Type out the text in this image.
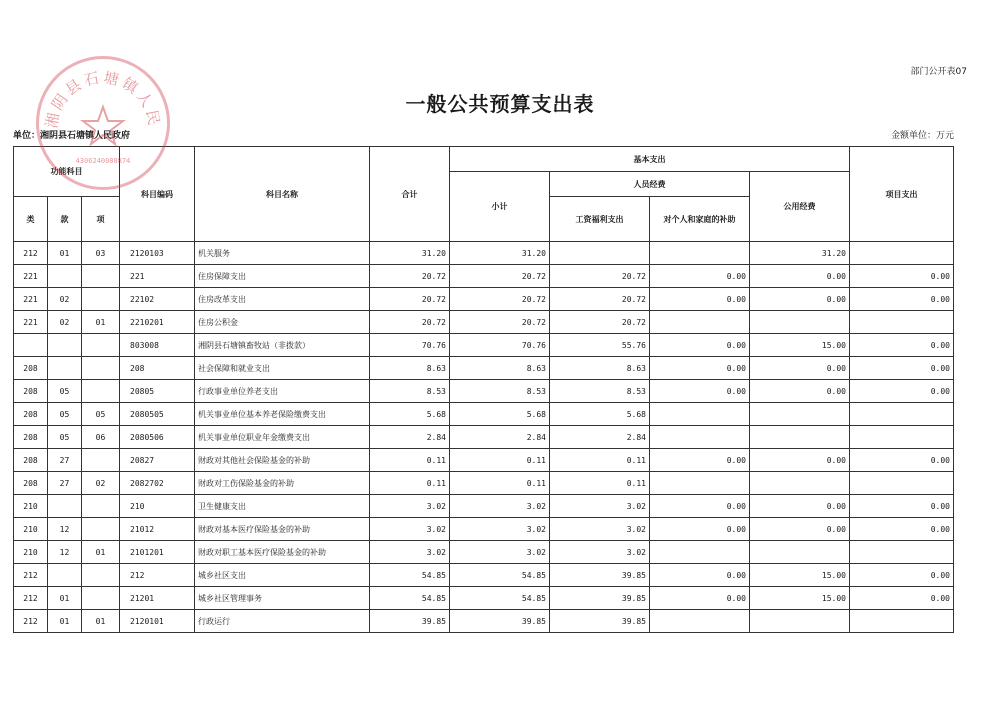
部门公开表07
一般公共预算支出表
单位：湘阴县石塘镇人民政府	金额单位：万元
功能科目			科目编码	科目名称	合计	基本支出				项目支出
						小计	人员经费		公用经费	
类	款	项					工资福利支出	对个人和家庭的补助		
212	01	03	2120103	机关服务	31.20	31.20			31.20	
221			221	住房保障支出	20.72	20.72	20.72	0.00	0.00	0.00
221	02		22102	住房改革支出	20.72	20.72	20.72	0.00	0.00	0.00
221	02	01	2210201	住房公积金	20.72	20.72	20.72			
			803008	湘阴县石塘镇畜牧站（非拨款）	70.76	70.76	55.76	0.00	15.00	0.00
208			208	社会保障和就业支出	8.63	8.63	8.63	0.00	0.00	0.00
208	05		20805	行政事业单位养老支出	8.53	8.53	8.53	0.00	0.00	0.00
208	05	05	2080505	机关事业单位基本养老保险缴费支出	5.68	5.68	5.68			
208	05	06	2080506	机关事业单位职业年金缴费支出	2.84	2.84	2.84			
208	27		20827	财政对其他社会保险基金的补助	0.11	0.11	0.11	0.00	0.00	0.00
208	27	02	2082702	财政对工伤保险基金的补助	0.11	0.11	0.11			
210			210	卫生健康支出	3.02	3.02	3.02	0.00	0.00	0.00
210	12		21012	财政对基本医疗保险基金的补助	3.02	3.02	3.02	0.00	0.00	0.00
210	12	01	2101201	财政对职工基本医疗保险基金的补助	3.02	3.02	3.02			
212			212	城乡社区支出	54.85	54.85	39.85	0.00	15.00	0.00
212	01		21201	城乡社区管理事务	54.85	54.85	39.85	0.00	15.00	0.00
212	01	01	2120101	行政运行	39.85	39.85	39.85			
湘阴县石塘镇人民
4306240088874
